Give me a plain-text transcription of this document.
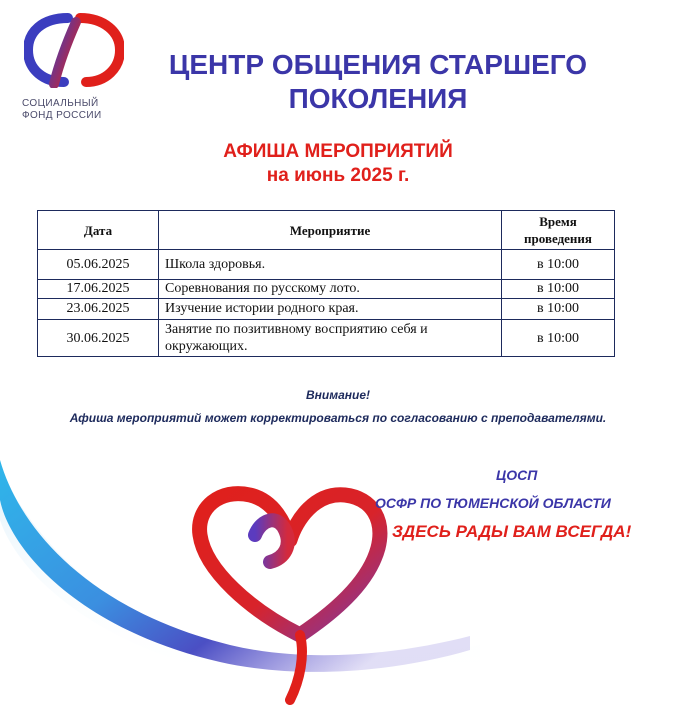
СОЦИАЛЬНЫЙ
ФОНД РОССИИ
ЦЕНТР ОБЩЕНИЯ СТАРШЕГО
ПОКОЛЕНИЯ
АФИША МЕРОПРИЯТИЙ
на июнь 2025 г.
Дата	Мероприятие	Время
проведения

05.06.2025	Школа здоровья.	в 10:00
17.06.2025	Соревнования по русскому лото.	в 10:00
23.06.2025	Изучение истории родного края.	в 10:00
30.06.2025	Занятие по позитивному восприятию себя и
окружающих.	в 10:00
Внимание!
Афиша мероприятий может корректироваться по согласованию с преподавателями.
ЦОСП
ОСФР ПО ТЮМЕНСКОЙ ОБЛАСТИ
ЗДЕСЬ РАДЫ ВАМ ВСЕГДА!
